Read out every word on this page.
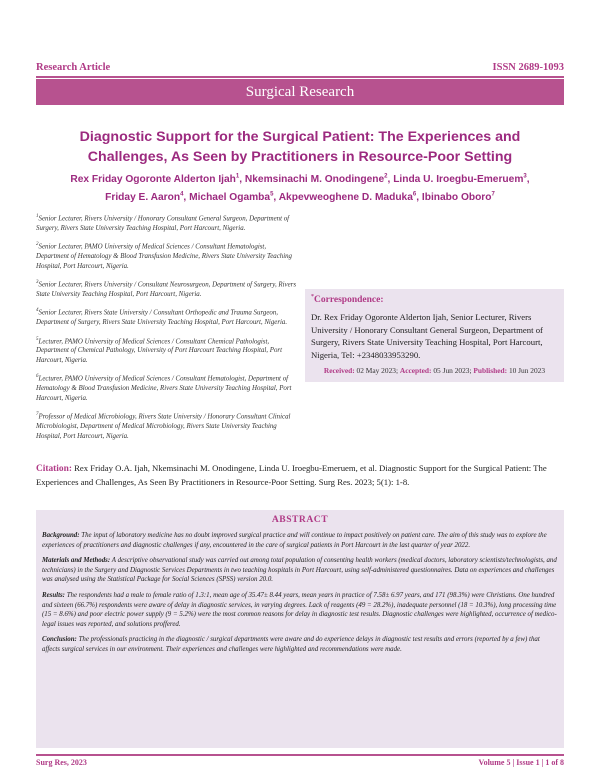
Research Article	ISSN 2689-1093
Surgical Research
Diagnostic Support for the Surgical Patient: The Experiences and Challenges, As Seen by Practitioners in Resource-Poor Setting
Rex Friday Ogoronte Alderton Ijah$^1$, Nkemsinachi M. Onodingene$^2$, Linda U. Iroegbu-Emeruem$^3$, Friday E. Aaron$^4$, Michael Ogamba$^5$, Akpevweoghene D. Maduka$^6$, Ibinabo Oboro$^7$

$^1$Senior Lecturer, Rivers University / Honorary Consultant General Surgeon, Department of Surgery, Rivers State University Teaching Hospital, Port Harcourt, Nigeria.

$^2$Senior Lecturer, PAMO University of Medical Sciences / Consultant Hematologist, Department of Hematology & Blood Transfusion Medicine, Rivers State University Teaching Hospital, Port Harcourt, Nigeria.

$^3$Senior Lecturer, Rivers University / Consultant Neurosurgeon, Department of Surgery, Rivers State University Teaching Hospital, Port Harcourt, Nigeria.

$^4$Senior Lecturer, Rivers State University / Consultant Orthopedic and Trauma Surgeon, Department of Surgery, Rivers State University Teaching Hospital, Port Harcourt, Nigeria.

$^5$Lecturer, PAMO University of Medical Sciences / Consultant Chemical Pathologist, Department of Chemical Pathology, University of Port Harcourt Teaching Hospital, Port Harcourt, Nigeria.

$^6$Lecturer, PAMO University of Medical Sciences / Consultant Hematologist, Department of Hematology & Blood Transfusion Medicine, Rivers State University Teaching Hospital, Port Harcourt, Nigeria.

$^7$Professor of Medical Microbiology, Rivers State University / Honorary Consultant Clinical Microbiologist, Department of Medical Microbiology, Rivers State University Teaching Hospital, Port Harcourt, Nigeria.

*Correspondence:
Dr. Rex Friday Ogoronte Alderton Ijah, Senior Lecturer, Rivers University / Honorary Consultant General Surgeon, Department of Surgery, Rivers State University Teaching Hospital, Port Harcourt, Nigeria, Tel: +2348033953290.
Received: 02 May 2023; Accepted: 05 Jun 2023; Published: 10 Jun 2023
Citation: Rex Friday O.A. Ijah, Nkemsinachi M. Onodingene, Linda U. Iroegbu-Emeruem, et al. Diagnostic Support for the Surgical Patient: The Experiences and Challenges, As Seen By Practitioners in Resource-Poor Setting. Surg Res. 2023; 5(1): 1-8.
ABSTRACT

Background: The input of laboratory medicine has no doubt improved surgical practice and will continue to impact positively on patient care. The aim of this study was to explore the experiences of practitioners and diagnostic challenges if any, encountered in the care of surgical patients in Port Harcourt in the last quarter of year 2022.

Materials and Methods: A descriptive observational study was carried out among total population of consenting health workers (medical doctors, laboratory scientists/technologists, and technicians) in the Surgery and Diagnostic Services Departments in two teaching hospitals in Port Harcourt, using self-administered questionnaires. Data on experiences and challenges was analysed using the Statistical Package for Social Sciences (SPSS) version 20.0.

Results: The respondents had a male to female ratio of 1.3:1, mean age of 35.47± 8.44 years, mean years in practice of 7.58± 6.97 years, and 171 (98.3%) were Christians. One hundred and sixteen (66.7%) respondents were aware of delay in diagnostic services, in varying degrees. Lack of reagents (49 = 28.2%), inadequate personnel (18 = 10.3%), long processing time (15 = 8.6%) and poor electric power supply (9 = 5.2%) were the most common reasons for delay in diagnostic test results. Diagnostic challenges were highlighted, occurrence of medico-legal issues was reported, and solutions proffered.

Conclusion: The professionals practicing in the diagnostic / surgical departments were aware and do experience delays in diagnostic test results and errors (reported by a few) that affects surgical services in our environment. Their experiences and challenges were highlighted and recommendations were made.

Surg Res, 2023	Volume 5 | Issue 1 | 1 of 8
